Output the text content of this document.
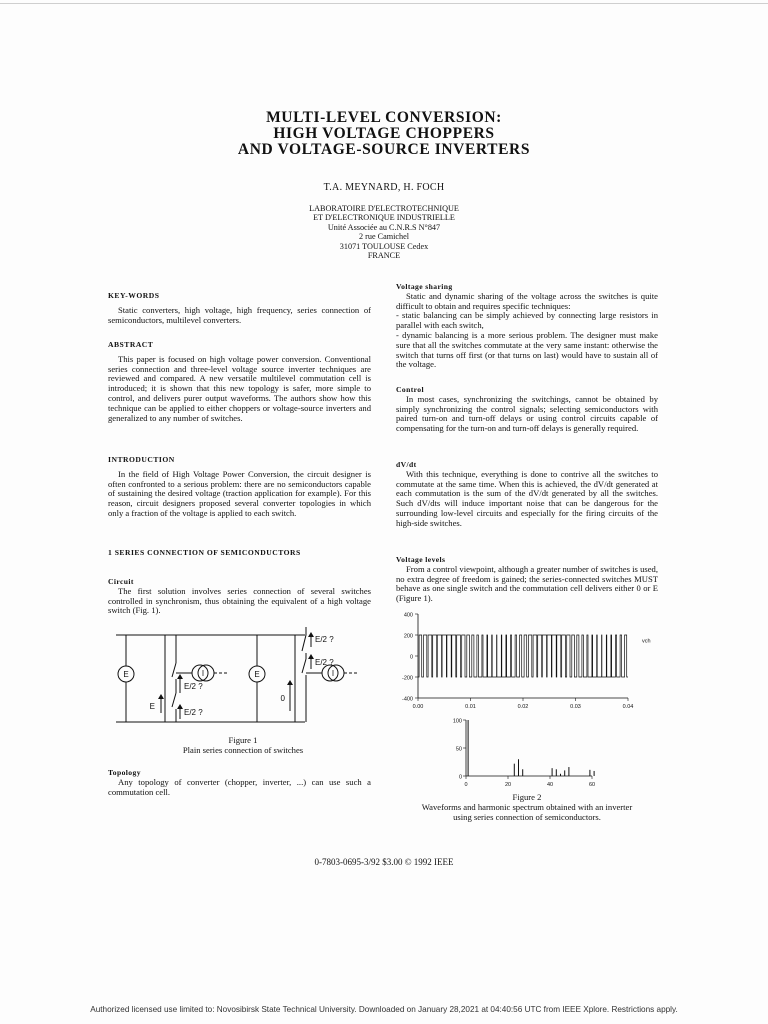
MULTI-LEVEL CONVERSION:
HIGH VOLTAGE CHOPPERS
AND VOLTAGE-SOURCE INVERTERS
T.A. MEYNARD, H. FOCH
LABORATOIRE D'ELECTROTECHNIQUE
ET D'ELECTRONIQUE INDUSTRIELLE
Unité Associée au C.N.R.S N°847
2 rue Camichel
31071 TOULOUSE Cedex
FRANCE

KEY-WORDS

Static converters, high voltage, high frequency, series connection of semiconductors, multilevel converters.

ABSTRACT

This paper is focused on high voltage power conversion. Conventional series connection and three-level voltage source inverter techniques are reviewed and compared. A new versatile multilevel commutation cell is introduced; it is shown that this new topology is safer, more simple to control, and delivers purer output waveforms. The authors show how this technique can be applied to either choppers or voltage-source inverters and generalized to any number of switches.

INTRODUCTION

In the field of High Voltage Power Conversion, the circuit designer is often confronted to a serious problem: there are no semiconductors capable of sustaining the desired voltage (traction application for example). For this reason, circuit designers proposed several converter topologies in which only a fraction of the voltage is applied to each switch.

1 SERIES CONNECTION OF SEMICONDUCTORS

Circuit

The first solution involves series connection of several switches controlled in synchronism, thus obtaining the equivalent of a high voltage switch (Fig. 1).

E	E
I	I
E/2 ?
E/2 ?
E
E/2 ?
E/2 ?
0
Figure 1
Plain series connection of switches

Topology

Any topology of converter (chopper, inverter, ...) can use such a commutation cell.

Voltage sharing

Static and dynamic sharing of the voltage across the switches is quite difficult to obtain and requires specific techniques:

- static balancing can be simply achieved by connecting large resistors in parallel with each switch,

- dynamic balancing is a more serious problem. The designer must make sure that all the switches commutate at the very same instant: otherwise the switch that turns off first (or that turns on last) would have to sustain all of the voltage.

Control

In most cases, synchronizing the switchings, cannot be obtained by simply synchronizing the control signals; selecting semiconductors with paired turn-on and turn-off delays or using control circuits capable of compensating for the turn-on and turn-off delays is generally required.

dV/dt

With this technique, everything is done to contrive all the switches to commutate at the same time. When this is achieved, the dV/dt generated at each commutation is the sum of the dV/dt generated by all the switches. Such dV/dts will induce important noise that can be dangerous for the surrounding low-level circuits and especially for the firing circuits of the high-side switches.

Voltage levels

From a control viewpoint, although a greater number of switches is used, no extra degree of freedom is gained; the series-connected switches MUST behave as one single switch and the commutation cell delivers either 0 or E (Figure 1).

400
200
0
-200
-400
0.00	0.01	0.02	0.03	0.04
vch
100
50
0
0	20	40	60
Figure 2
Waveforms and harmonic spectrum obtained with an inverter
using series connection of semiconductors.
0-7803-0695-3/92 $3.00 © 1992 IEEE
Authorized licensed use limited to: Novosibirsk State Technical University. Downloaded on January 28,2021 at 04:40:56 UTC from IEEE Xplore. Restrictions apply.
